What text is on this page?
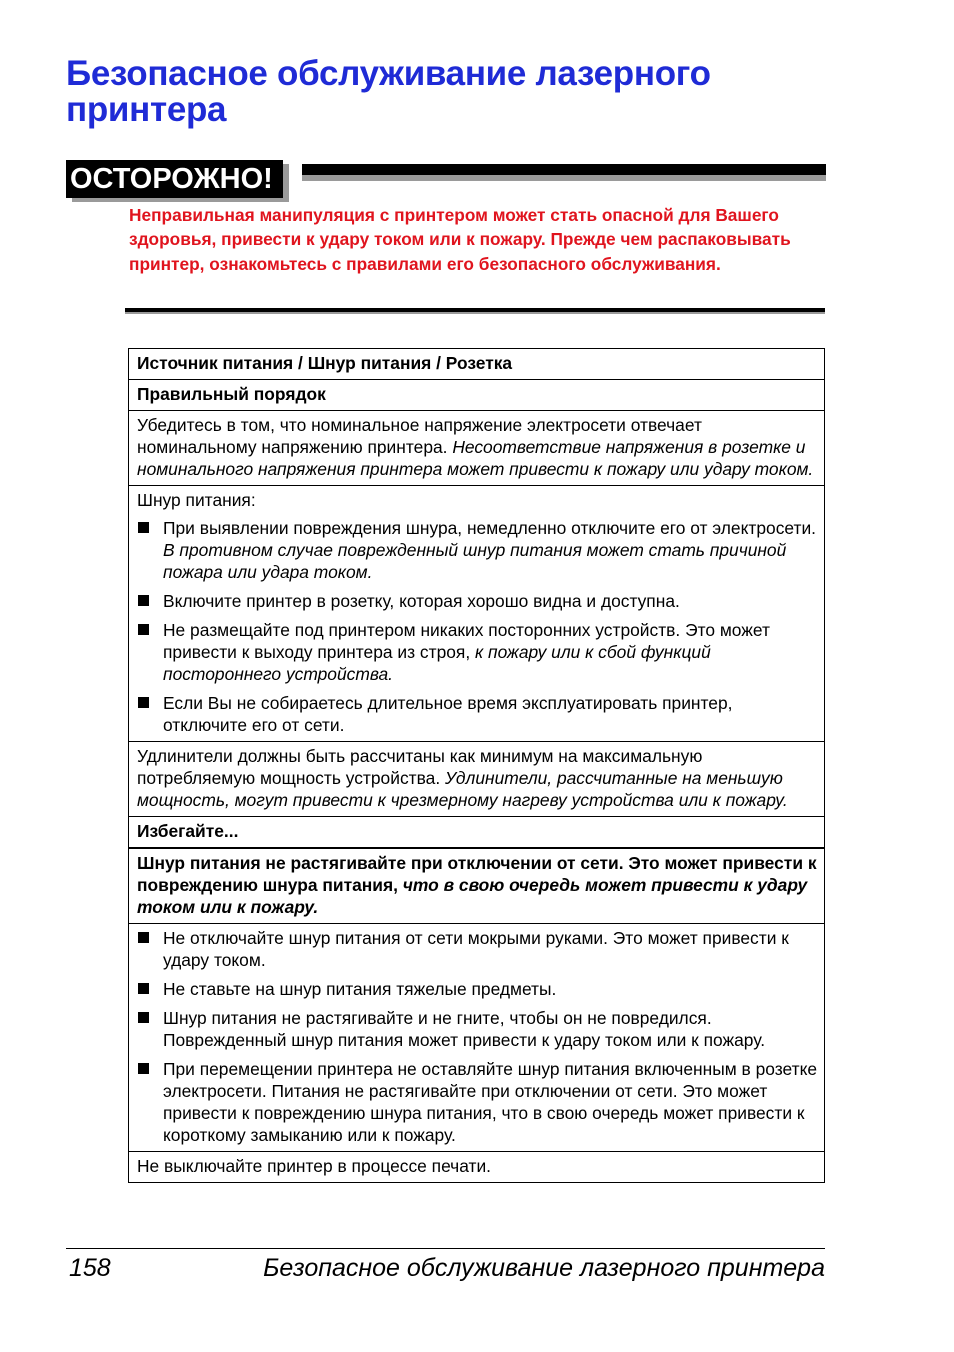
Безопасное обслуживание лазерного принтера
ОСТОРОЖНО!
Неправильная манипуляция с принтером может стать опасной для Вашего здоровья, привести к удару током или к пожару. Прежде чем распаковывать принтер, ознакомьтесь с правилами его безопасного обслуживания.
Источник питания / Шнур питания / Розетка
Правильный порядок
Убедитесь в том, что номинальное напряжение электросети отвечает номинальному напряжению принтера. Несоответствие напряжения в розетке и номинального напряжения принтера может привести к пожару или удару током.

Шнур питания:
При выявлении повреждения шнура, немедленно отключите его от электросети. В противном случае поврежденный шнур питания может стать причиной пожара или удара током.
Включите принтер в розетку, которая хорошо видна и доступна.
Не размещайте под принтером никаких посторонних устройств. Это может привести к выходу принтера из строя, к пожару или к сбой функций постороннего устройства.
Если Вы не собираетесь длительное время эксплуатировать принтер, отключите его от сети.

Удлинители должны быть рассчитаны как минимум на максимальную потребляемую мощность устройства. Удлинители, рассчитанные на меньшую мощность, могут привести к чрезмерному нагреву устройства или к пожару.
Избегайте...
Шнур питания не растягивайте при отключении от сети. Это может привести к повреждению шнура питания, что в свою очередь может привести к удару током или к пожару.

Не отключайте шнур питания от сети мокрыми руками. Это может привести к удару током.
Не ставьте на шнур питания тяжелые предметы.
Шнур питания не растягивайте и не гните, чтобы он не повредился. Поврежденный шнур питания может привести к удару током или к пожару.
При перемещении принтера не оставляйте шнур питания включенным в розетке электросети. Питания не растягивайте при отключении от сети. Это может привести к повреждению шнура питания, что в свою очередь может привести к короткому замыканию или к пожару.

Не выключайте принтер в процессе печати.
158	Безопасное обслуживание лазерного принтера
